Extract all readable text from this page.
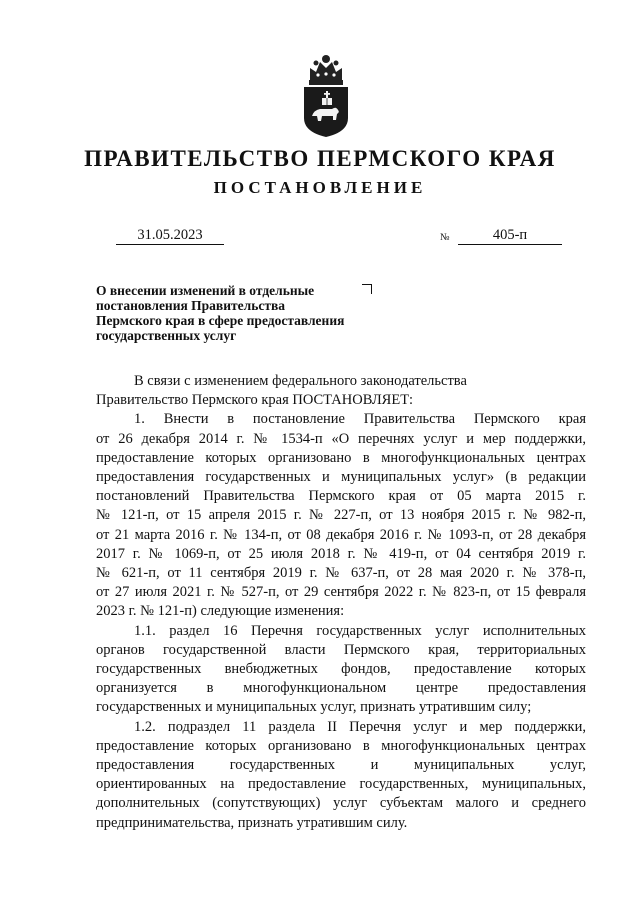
ПРАВИТЕЛЬСТВО ПЕРМСКОГО КРАЯ
ПОСТАНОВЛЕНИЕ
31.05.2023	№	405-п
О внесении изменений в отдельные
постановления Правительства
Пермского края в сфере предоставления
государственных услуг
В связи с изменением федерального законодательства
Правительство Пермского края ПОСТАНОВЛЯЕТ:
1. Внести в постановление Правительства Пермского края
от 26 декабря 2014 г. № 1534-п «О перечнях услуг и мер поддержки,
предоставление которых организовано в многофункциональных центрах
предоставления государственных и муниципальных услуг» (в редакции
постановлений Правительства Пермского края от 05 марта 2015 г.
№ 121-п, от 15 апреля 2015 г. № 227-п, от 13 ноября 2015 г. № 982-п,
от 21 марта 2016 г. № 134-п, от 08 декабря 2016 г. № 1093-п, от 28 декабря
2017 г. № 1069-п, от 25 июля 2018 г. № 419-п, от 04 сентября 2019 г.
№ 621-п, от 11 сентября 2019 г. № 637-п, от 28 мая 2020 г. № 378-п,
от 27 июля 2021 г. № 527-п, от 29 сентября 2022 г. № 823-п, от 15 февраля
2023 г. № 121-п) следующие изменения:
1.1. раздел 16 Перечня государственных услуг исполнительных
органов государственной власти Пермского края, территориальных
государственных внебюджетных фондов, предоставление которых
организуется в многофункциональном центре предоставления
государственных и муниципальных услуг, признать утратившим силу;
1.2. подраздел 11 раздела II Перечня услуг и мер поддержки,
предоставление которых организовано в многофункциональных центрах
предоставления государственных и муниципальных услуг,
ориентированных на предоставление государственных, муниципальных,
дополнительных (сопутствующих) услуг субъектам малого и среднего
предпринимательства, признать утратившим силу.
